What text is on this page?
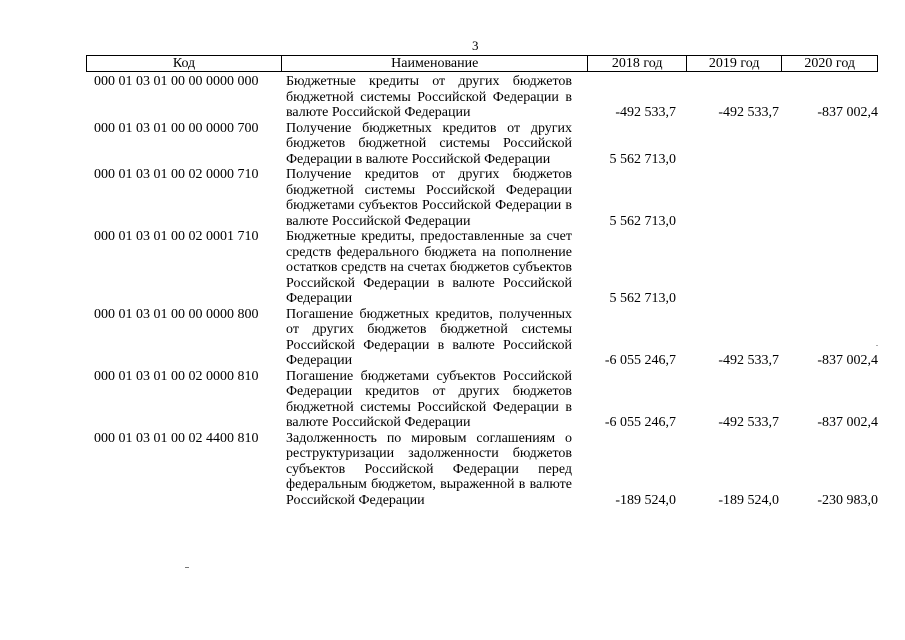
3
Код	Наименование	2018 год	2019 год	2020 год
000 01 03 01 00 00 0000 000	Бюджетные кредиты от других бюджетов бюджетной системы Российской Федерации в валюте Российской Федерации	-492 533,7	-492 533,7	-837 002,4
000 01 03 01 00 00 0000 700	Получение бюджетных кредитов от других бюджетов бюджетной системы Российской Федерации в валюте Российской Федерации	5 562 713,0
000 01 03 01 00 02 0000 710	Получение кредитов от других бюджетов бюджетной системы Российской Федерации бюджетами субъектов Российской Федерации в валюте Российской Федерации	5 562 713,0
000 01 03 01 00 02 0001 710	Бюджетные кредиты, предоставленные за счет средств федерального бюджета на пополнение остатков средств на счетах бюджетов субъектов Российской Федерации в валюте Российской Федерации	5 562 713,0
000 01 03 01 00 00 0000 800	Погашение бюджетных кредитов, полученных от других бюджетов бюджетной системы Российской Федерации в валюте Российской Федерации	-6 055 246,7	-492 533,7	-837 002,4
000 01 03 01 00 02 0000 810	Погашение бюджетами субъектов Российской Федерации кредитов от других бюджетов бюджетной системы Российской Федерации в валюте Российской Федерации	-6 055 246,7	-492 533,7	-837 002,4
000 01 03 01 00 02 4400 810	Задолженность по мировым соглашениям о реструктуризации задолженности бюджетов субъектов Российской Федерации перед федеральным бюджетом, выраженной в валюте Российской Федерации	-189 524,0	-189 524,0	-230 983,0
